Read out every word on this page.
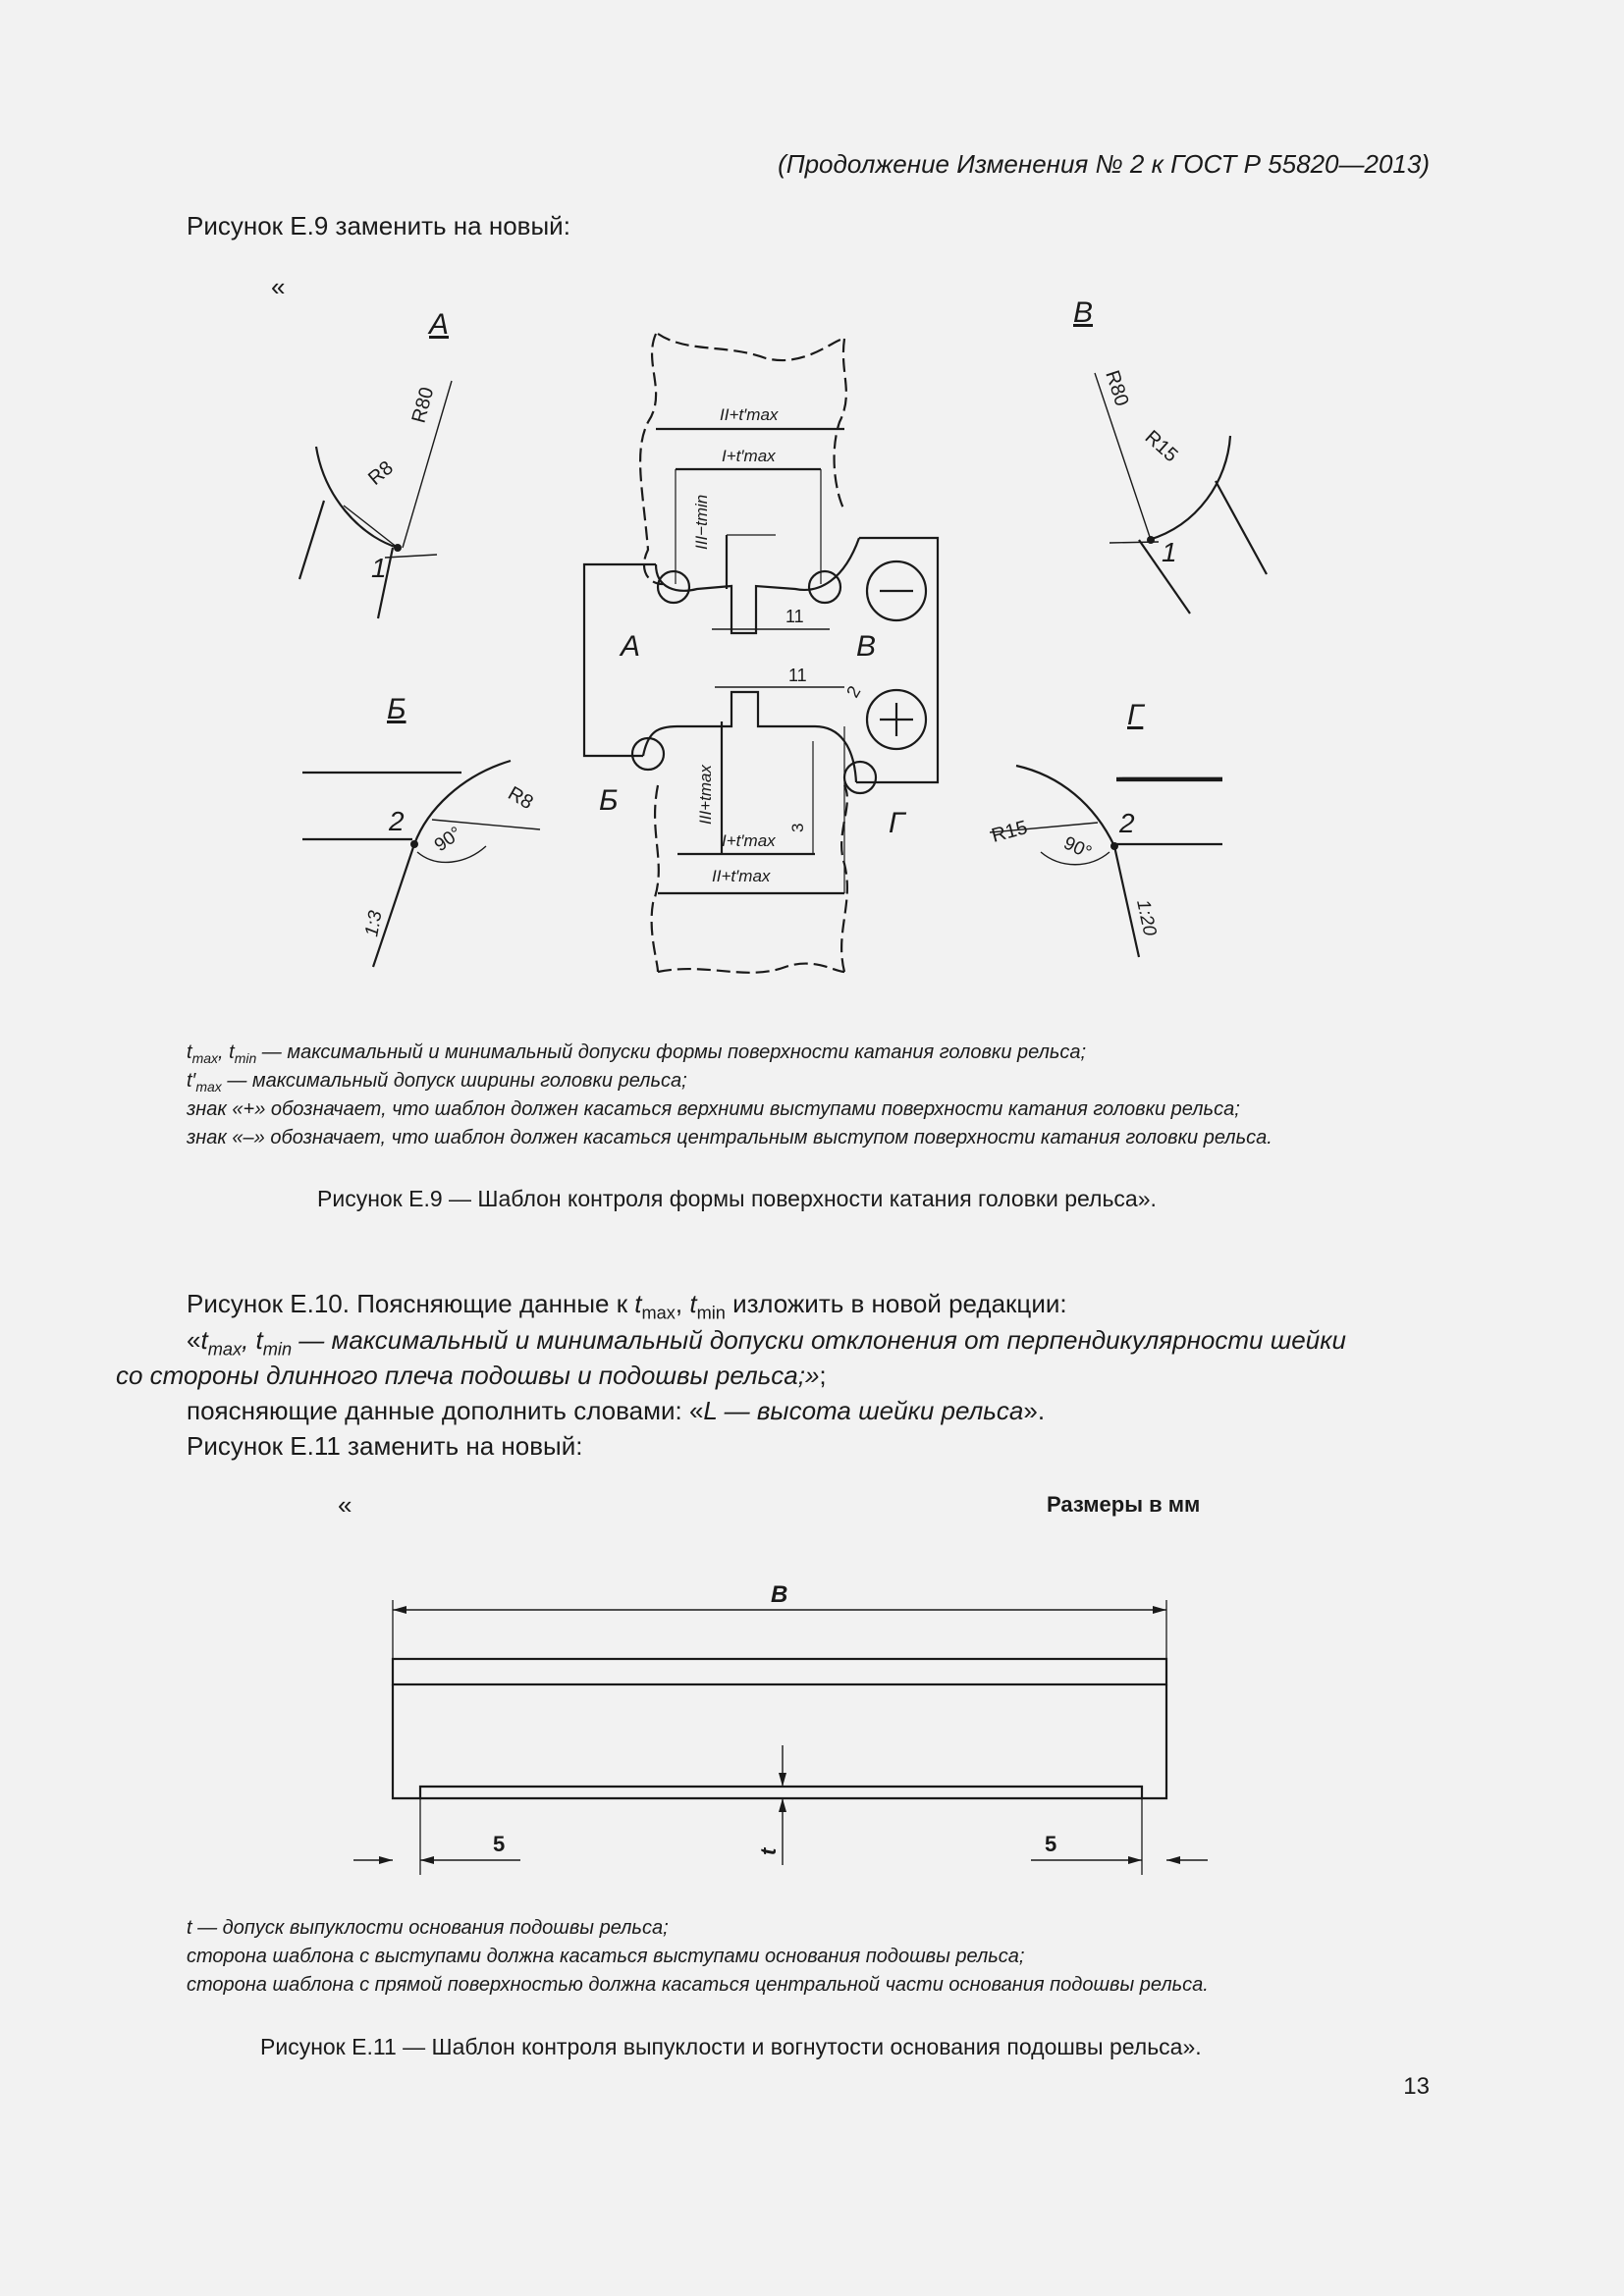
(Продолжение Изменения № 2 к ГОСТ Р 55820—2013)
Рисунок Е.9 заменить на новый:
«
А	В
Б	Г
А	В
Б
Г
II+t′max
I+t′max
III−tmin
11
11
2
III+tmax
3
I+t′max
II+t′max
R80
R8
1
R80
R15
1
R8
90°
2
1:3
R15
90°
2
1:20
$t_{max}$, $t_{min}$ — максимальный и минимальный допуски формы поверхности катания головки рельса;
$t'_{max}$ — максимальный допуск ширины головки рельса;
знак «+» обозначает, что шаблон должен касаться верхними выступами поверхности катания головки рельса;
знак «–» обозначает, что шаблон должен касаться центральным выступом поверхности катания головки рельса.
Рисунок Е.9 — Шаблон контроля формы поверхности катания головки рельса».
Рисунок Е.10. Поясняющие данные к $t_{max}$, $t_{min}$ изложить в новой редакции:
«$t_{max}$, $t_{min}$ — максимальный и минимальный допуски отклонения от перпендикулярности шейки
со стороны длинного плеча подошвы и подошвы рельса;»;
поясняющие данные дополнить словами: «L — высота шейки рельса».
Рисунок Е.11 заменить на новый:
«	Размеры в мм
B
5	5
t
t — допуск выпуклости основания подошвы рельса;
сторона шаблона с выступами должна касаться выступами основания подошвы рельса;
сторона шаблона с прямой поверхностью должна касаться центральной части основания подошвы рельса.
Рисунок Е.11 — Шаблон контроля выпуклости и вогнутости основания подошвы рельса».
13
